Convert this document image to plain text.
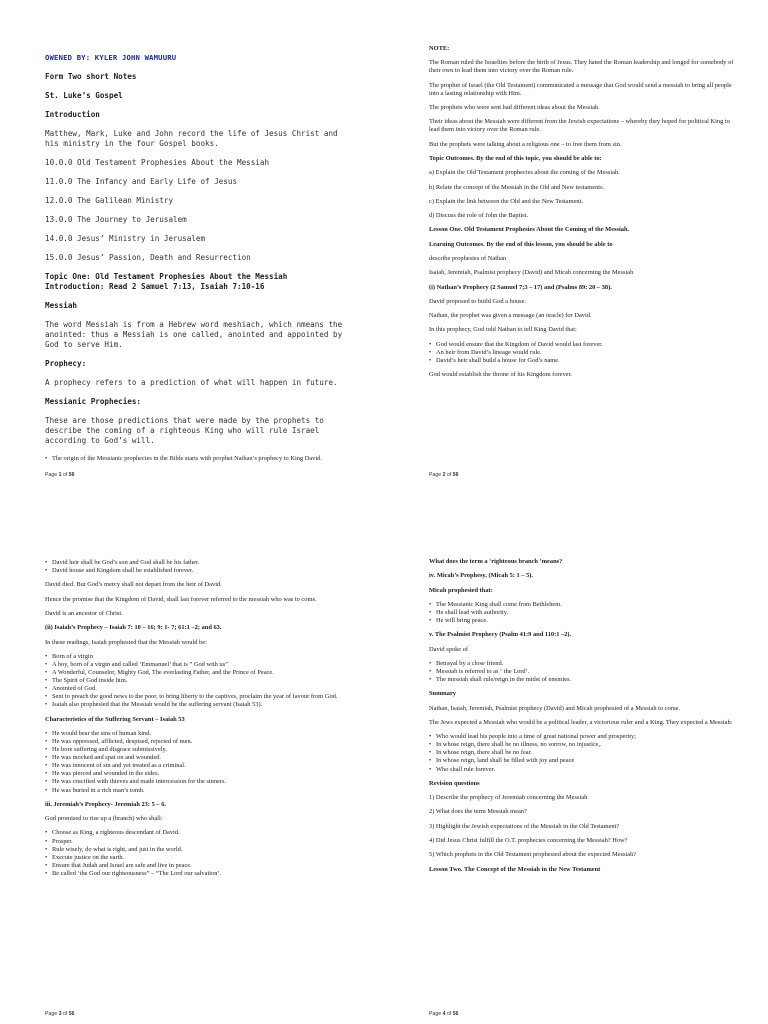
OWENED BY: KYLER JOHN WAMUURU

Form Two short Notes

St. Luke’s Gospel

Introduction

Matthew, Mark, Luke and John record the life of Jesus Christ and his ministry in the four Gospel books.

10.0.0 Old Testament Prophesies About the Messiah

11.0.0 The Infancy and Early Life of Jesus

12.0.0 The Galilean Ministry

13.0.0 The Journey to Jerusalem

14.0.0 Jesus’ Ministry in Jerusalem

15.0.0 Jesus’ Passion, Death and Resurrection

Topic One: Old Testament Prophesies About the Messiah Introduction: Read 2 Samuel 7:13, Isaiah 7:10-16

Messiah

The word Messiah is from a Hebrew word meshiach, which nmeans the anointed: thus a Messiah is one called, anointed and appointed by God to serve Him.

Prophecy:

A prophecy refers to a prediction of what will happen in future.

Messianic Prophecies:

These are those predictions that were made by the prophets to describe the coming of a righteous King who will rule Israel according to God’s will.

• The origin of the Messianic prophecies in the Bible starts with prophet Nathan’s prophecy to King David.
Page 1 of 56

NOTE:

The Roman ruled the Israelites before the birth of Jesus. They hated the Roman leadership and longed for somebody of their own to lead them into victory over the Roman rule.

The prophet of Israel (the Old Testament) communicated a message that God would send a messiah to bring all people into a lasting relationship with Him.

The prophets who were sent had different ideas about the Messiah.

Their ideas about the Messiah were different from the Jewish expectations – whereby they hoped for political King to lead them into victory over the Roman rule.

But the prophets were talking about a religious one – to free them from sin.

Topic Outcomes. By the end of this topic, you should be able to:

a) Explain the Old Testament prophecies about the coming of the Messiah.

b) Relate the concept of the Messiah in the Old and New testaments.

c) Explain the link between the Old and the New Testament.

d) Discuss the role of John the Baptist.

Lesson One. Old Testament Prophesies About the Coming of the Messiah.

Learning Outcomes. By the end of this lesson, you should be able to

describe prophesies of Nathan

Isaiah, Jeremiah, Psalmist prophecy (David) and Micah concerning the Messiah

(i) Nathan’s Prophecy (2 Samuel 7;3 – 17) and (Psalms 89: 20 – 38).

David proposed to build God a house.

Nathan, the prophet was given a message (an oracle) for David.

In this prophecy, God told Nathan to tell King David that:

• God would ensure that the Kingdom of David would last forever.
• An heir from David’s lineage would rule.
• David’s heir shall build a house for God’s name.

God would establish the throne of his Kingdom forever.

Page 2 of 56
• David heir shall be God’s son and God shall be his father.
• David house and Kingdom shall be established forever.

David died. But God’s mercy shall not depart from the heir of David.

Hence the promise that the Kingdom of David, shall last forever referred to the messiah who was to come.

David is an ancestor of Christ.

(ii) Isaiah’s Prophecy – Isaiah 7: 10 – 16; 9: 1- 7; 61:1 –2; and 63.

In these readings, Isaiah prophesied that the Messiah would be:

• Born of a virgin
• A boy, born of a virgin and called ‘Emmanuel’ that is ” God with us”
• A Wonderful, Counselor, Mighty God, The everlasting Father, and the Prince of Peace.
• The Spirit of God inside him.
• Anointed of God.
• Sent to preach the good news to the poor, to bring liberty to the captives, proclaim the year of favour from God.
• Isaiah also prophesied that the Messiah would be the suffering servant (Isaiah 53).

Characteristics of the Suffering Servant – Isaiah 53

• He would bear the sins of human kind.
• He was oppressed, afflicted, despised, rejected of men.
• He bore suffering and disgrace submissively.
• He was mocked and spat on and wounded.
• He was innocent of sin and yet treated as a criminal.
• He was pierced and wounded in the sides.
• He was crucified with thieves and made intercession for the sinners.
• He was buried in a rich man’s tomb.

iii. Jeremiah’s Prophecy- Jeremiah 23: 5 – 6.

God promised to rise up a (branch) who shall:

• Choose as King, a righteous descendant of David.
• Prosper.
• Rule wisely, do what is right, and just in the world.
• Execute justice on the earth.
• Ensure that Judah and Israel are safe and live in peace.
• Be called ‘the God our righteousness” – “The Lord our salvation’.
Page 3 of 56

What does the term a ‘righteous branch ‘means?

iv. Micah’s Prophesy, (Micah 5: 1 – 5).

Micah prophesied that:

• The Messianic King shall come from Bethlehem.
• He shall lead with authority.
• He will bring peace.

v. The Psalmist Prophecy (Psalm 41:9 and 110:1 –2).

David spoke of

• Betrayal by a close friend.
• Messiah is referred to as ‘ the Lord’.
• The messiah shall rule/reign in the midst of enemies.

Summary

Nathan, Isaiah, Jeremiah, Psalmist prophecy (David) and Micah prophesied of a Messiah to come.

The Jews expected a Messiah who would be a political leader, a victorious ruler and a King. They expected a Messiah:

• Who would lead his people into a time of great national power and prosperity;
• In whose reign, there shall be no illness, no sorrow, no injustice,.
• In whose reign, there shall be no fear.
• In whose reign, land shall be filled with joy and peace
• Who shall rule forever.

Revision questions

1) Describe the prophecy of Jeremiah concerning the Messiah

2) What does the term Messiah mean?

3) Highlight the Jewish expectations of the Messiah in the Old Testament?

4) Did Jesus Christ fulfill the O.T. prophecies concerning the Messiah? How?

5) Which prophets in the Old Testament prophesied about the expected Messiah?

Lesson Two. The Concept of the Messiah in the New Testament

Page 4 of 56
